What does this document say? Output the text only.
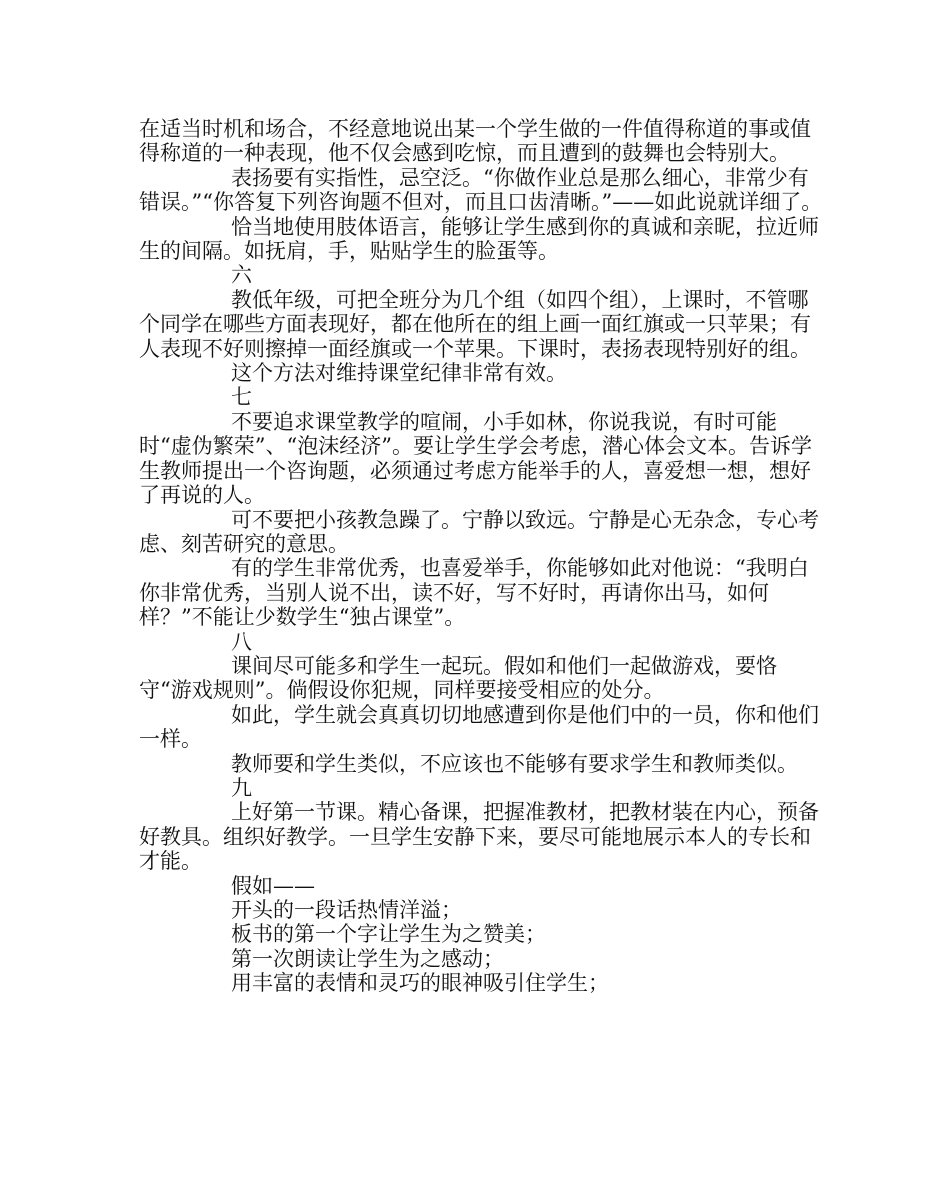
在适当时机和场合，不经意地说出某一个学生做的一件值得称道的事或值得称道的一种表现，他不仅会感到吃惊，而且遭到的鼓舞也会特别大。

表扬要有实指性，忌空泛。“你做作业总是那么细心，非常少有错误。”“你答复下列咨询题不但对，而且口齿清晰。”——如此说就详细了。

恰当地使用肢体语言，能够让学生感到你的真诚和亲昵，拉近师生的间隔。如抚肩，手，贴贴学生的脸蛋等。

六

教低年级，可把全班分为几个组（如四个组），上课时，不管哪个同学在哪些方面表现好，都在他所在的组上画一面红旗或一只苹果；有人表现不好则擦掉一面经旗或一个苹果。下课时，表扬表现特别好的组。

这个方法对维持课堂纪律非常有效。

七

不要追求课堂教学的喧闹，小手如林，你说我说，有时可能时“虚伪繁荣”、“泡沫经济”。要让学生学会考虑，潜心体会文本。告诉学生教师提出一个咨询题，必须通过考虑方能举手的人，喜爱想一想，想好了再说的人。

可不要把小孩教急躁了。宁静以致远。宁静是心无杂念，专心考虑、刻苦研究的意思。

有的学生非常优秀，也喜爱举手，你能够如此对他说：“我明白你非常优秀，当别人说不出，读不好，写不好时，再请你出马，如何样？”不能让少数学生“独占课堂”。

八

课间尽可能多和学生一起玩。假如和他们一起做游戏，要恪守“游戏规则”。倘假设你犯规，同样要接受相应的处分。

如此，学生就会真真切切地感遭到你是他们中的一员，你和他们一样。

教师要和学生类似，不应该也不能够有要求学生和教师类似。

九

上好第一节课。精心备课，把握准教材，把教材装在内心，预备好教具。组织好教学。一旦学生安静下来，要尽可能地展示本人的专长和才能。

假如——

开头的一段话热情洋溢；

板书的第一个字让学生为之赞美；

第一次朗读让学生为之感动；

用丰富的表情和灵巧的眼神吸引住学生；
